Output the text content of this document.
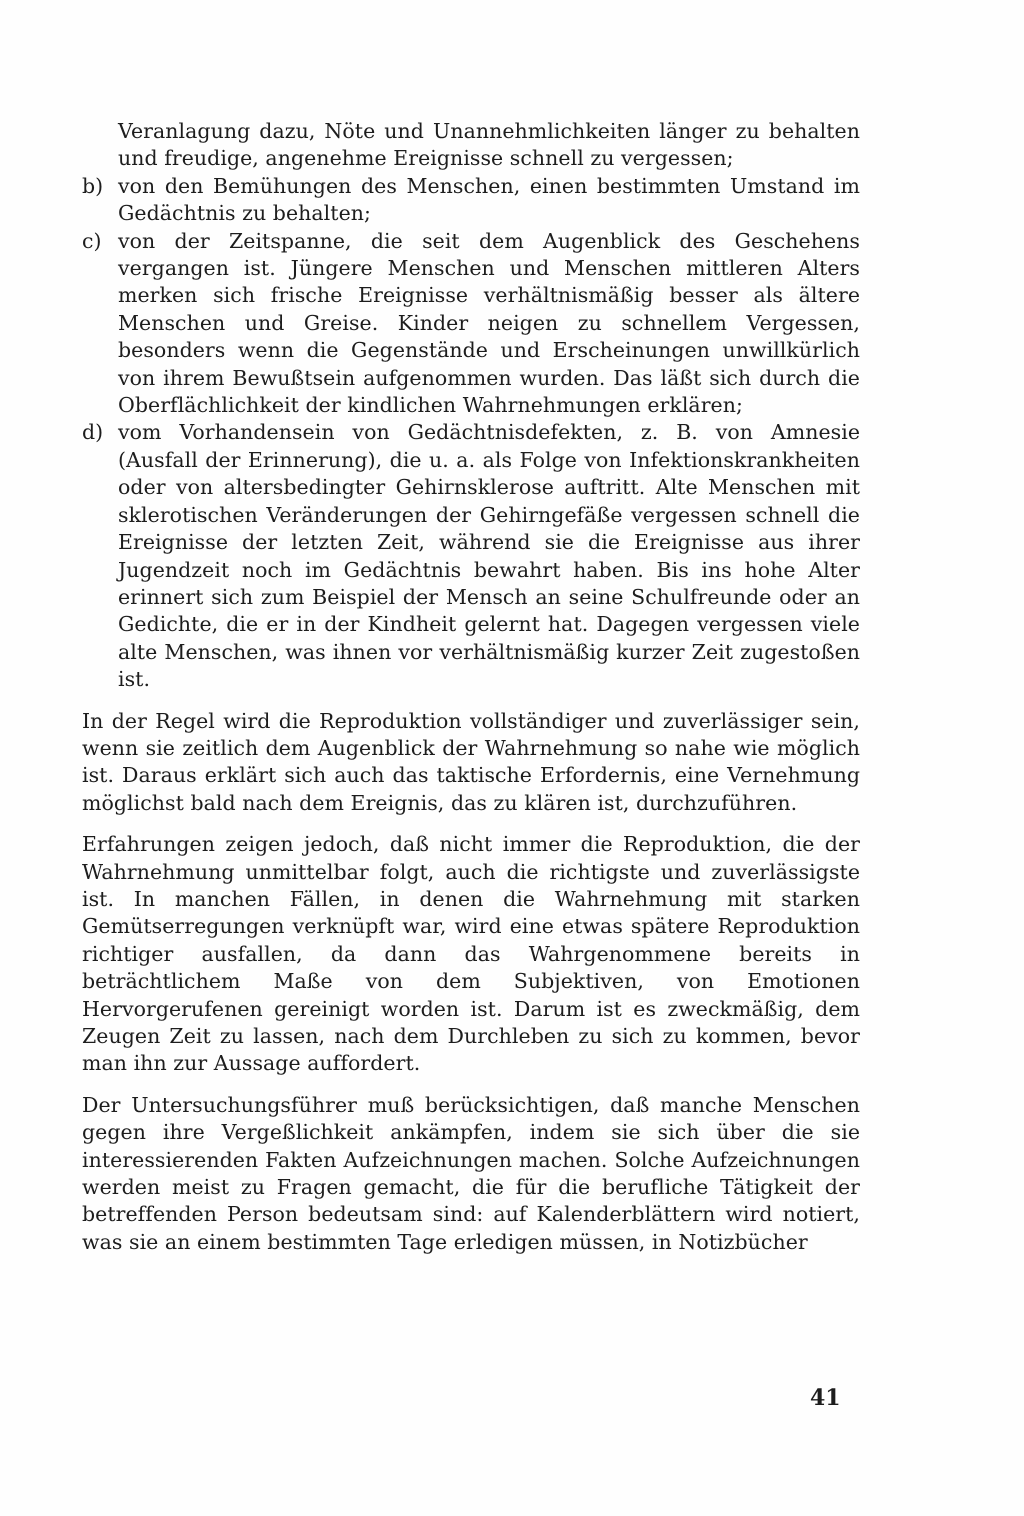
Veranlagung dazu, Nöte und Unannehmlichkeiten länger zu behalten und freudige, angenehme Ereignisse schnell zu vergessen;

b) von den Bemühungen des Menschen, einen bestimmten Umstand im Gedächtnis zu behalten;

c) von der Zeitspanne, die seit dem Augenblick des Geschehens vergangen ist. Jüngere Menschen und Menschen mittleren Alters merken sich frische Ereignisse verhältnismäßig besser als ältere Menschen und Greise. Kinder neigen zu schnellem Vergessen, besonders wenn die Gegenstände und Erscheinungen unwillkürlich von ihrem Bewußtsein aufgenommen wurden. Das läßt sich durch die Oberflächlichkeit der kindlichen Wahrnehmungen erklären;

d) vom Vorhandensein von Gedächtnisdefekten, z. B. von Amnesie (Ausfall der Erinnerung), die u. a. als Folge von Infektionskrankheiten oder von altersbedingter Gehirnsklerose auftritt. Alte Menschen mit sklerotischen Veränderungen der Gehirngefäße vergessen schnell die Ereignisse der letzten Zeit, während sie die Ereignisse aus ihrer Jugendzeit noch im Gedächtnis bewahrt haben. Bis ins hohe Alter erinnert sich zum Beispiel der Mensch an seine Schulfreunde oder an Gedichte, die er in der Kindheit gelernt hat. Dagegen vergessen viele alte Menschen, was ihnen vor verhältnismäßig kurzer Zeit zugestoßen ist.

In der Regel wird die Reproduktion vollständiger und zuverlässiger sein, wenn sie zeitlich dem Augenblick der Wahrnehmung so nahe wie möglich ist. Daraus erklärt sich auch das taktische Erfordernis, eine Vernehmung möglichst bald nach dem Ereignis, das zu klären ist, durchzuführen.

Erfahrungen zeigen jedoch, daß nicht immer die Reproduktion, die der Wahrnehmung unmittelbar folgt, auch die richtigste und zuverlässigste ist. In manchen Fällen, in denen die Wahrnehmung mit starken Gemütserregungen verknüpft war, wird eine etwas spätere Reproduktion richtiger ausfallen, da dann das Wahrgenommene bereits in beträchtlichem Maße von dem Subjektiven, von Emotionen Hervorgerufenen gereinigt worden ist. Darum ist es zweckmäßig, dem Zeugen Zeit zu lassen, nach dem Durchleben zu sich zu kommen, bevor man ihn zur Aussage auffordert.

Der Untersuchungsführer muß berücksichtigen, daß manche Menschen gegen ihre Vergeßlichkeit ankämpfen, indem sie sich über die sie interessierenden Fakten Aufzeichnungen machen. Solche Aufzeichnungen werden meist zu Fragen gemacht, die für die berufliche Tätigkeit der betreffenden Person bedeutsam sind: auf Kalenderblättern wird notiert, was sie an einem bestimmten Tage erledigen müssen, in Notizbücher

41
